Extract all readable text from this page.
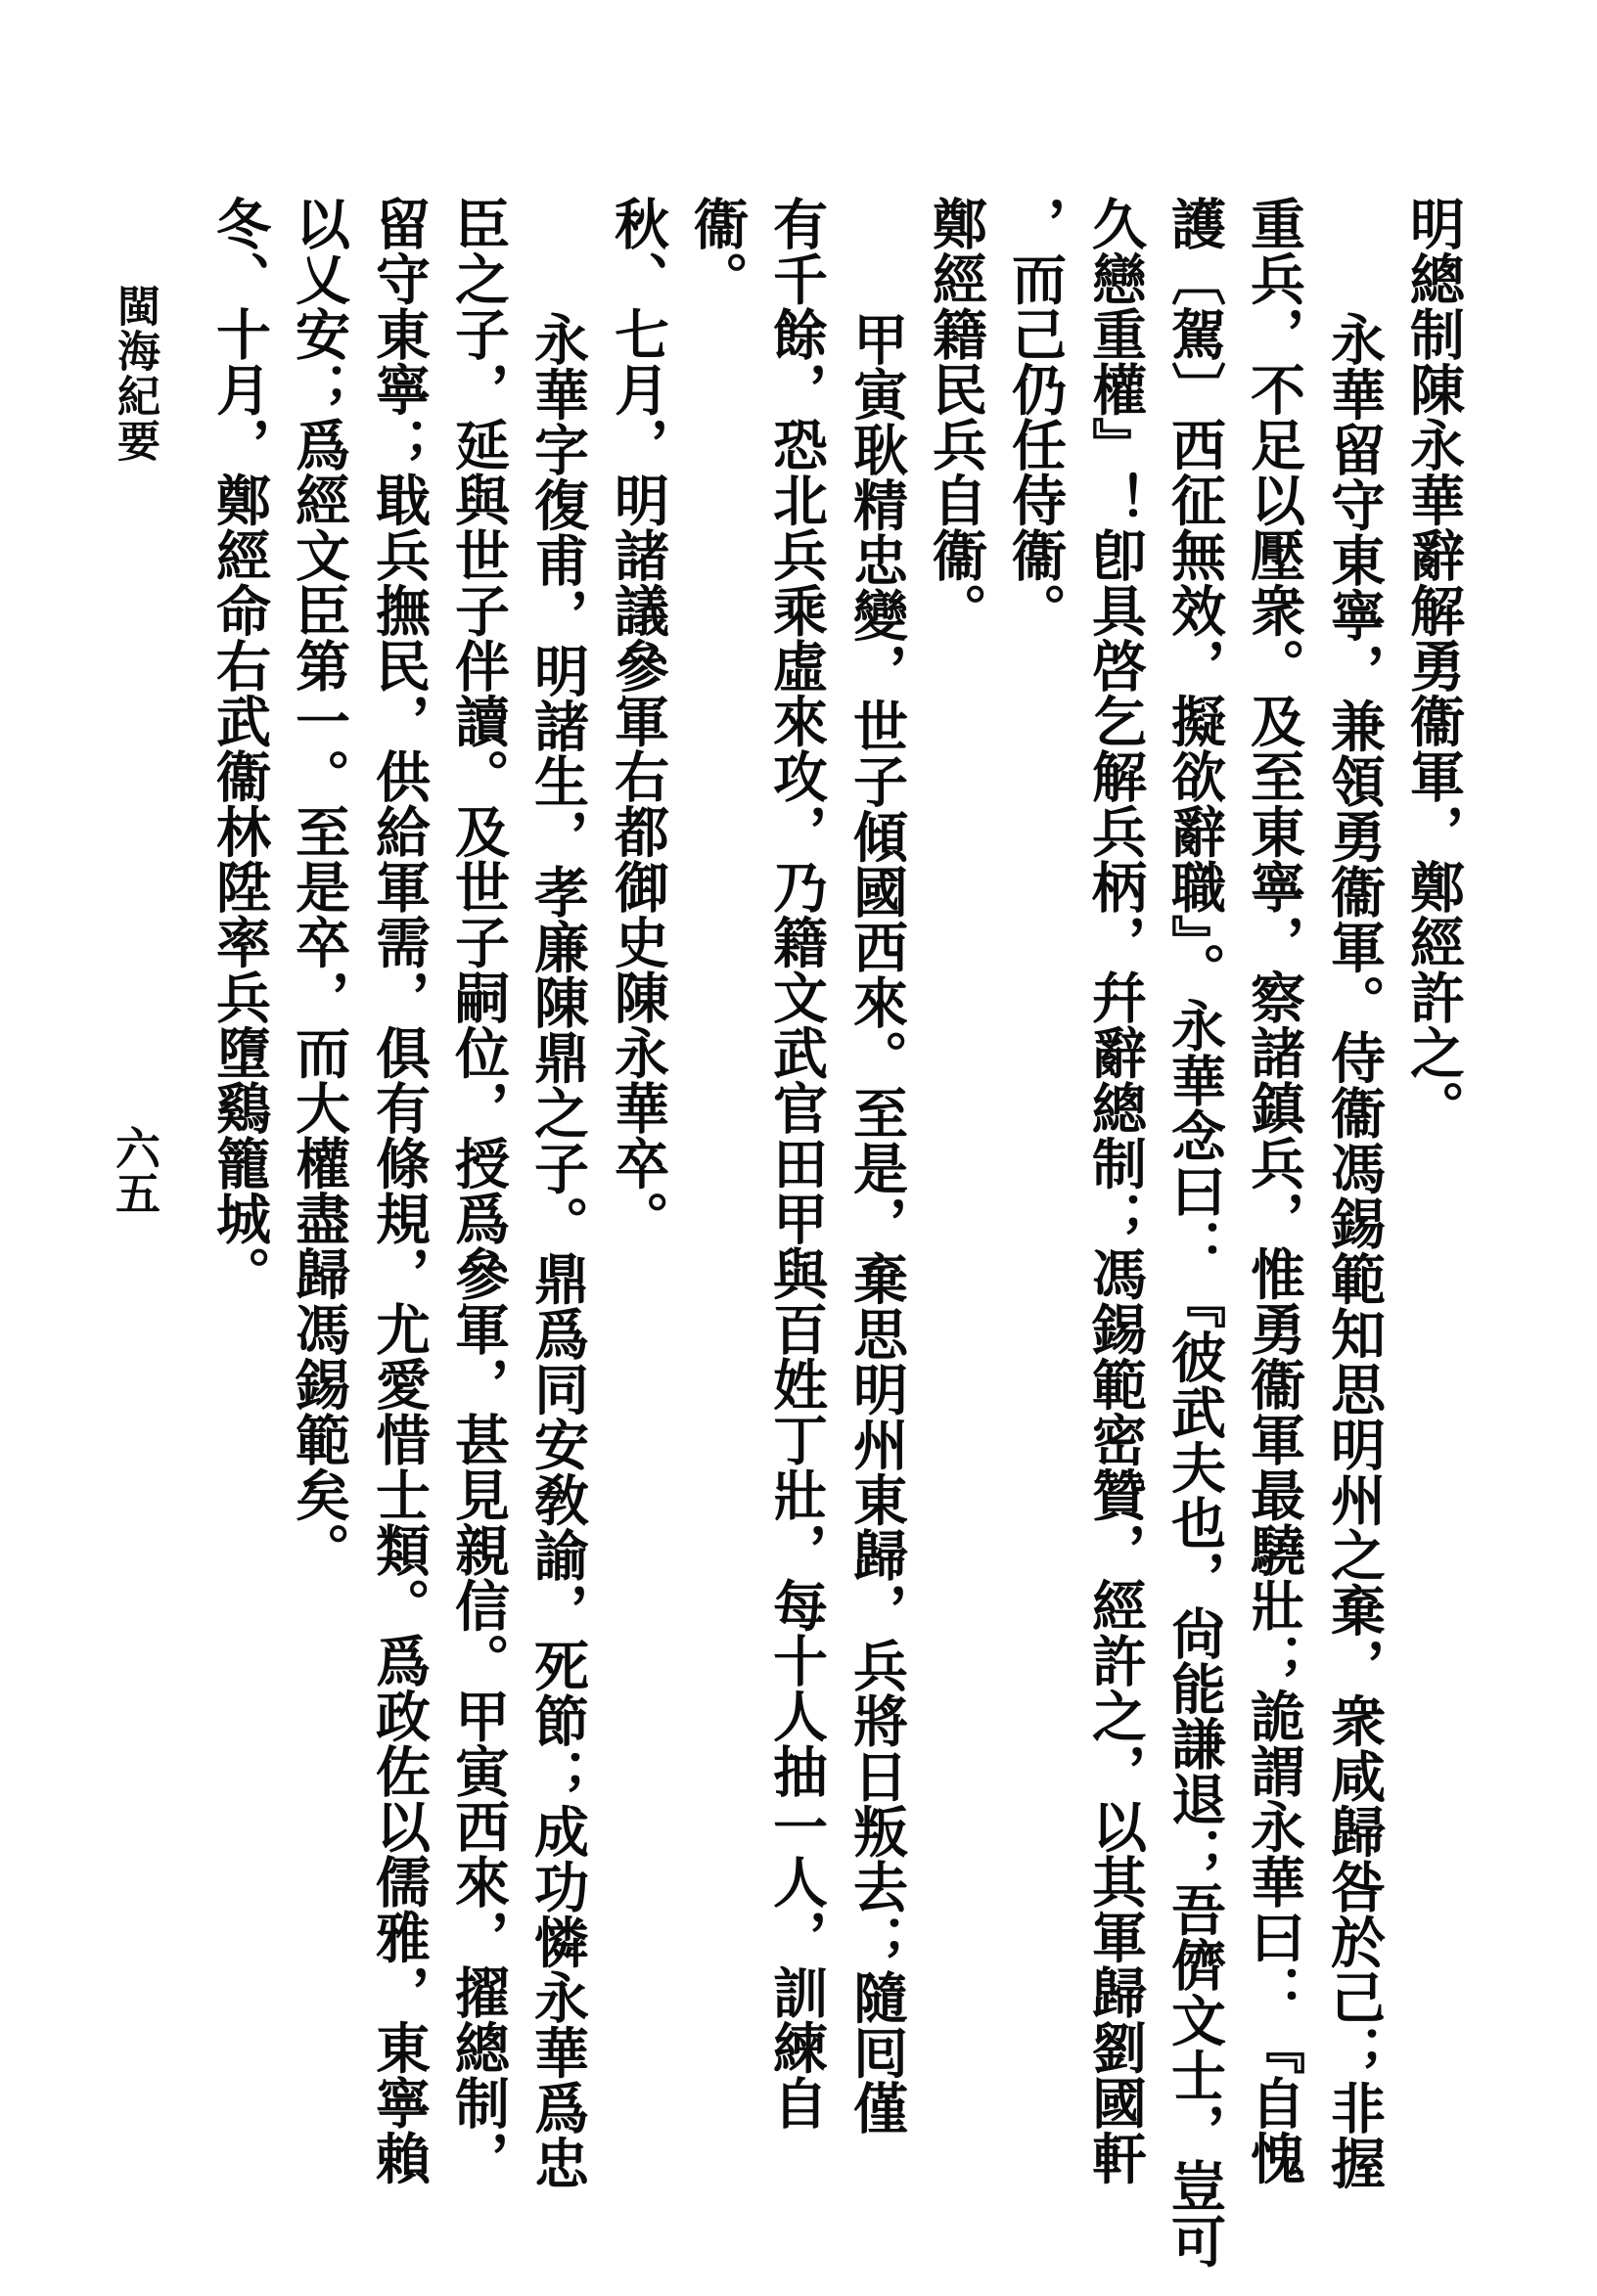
明總制陳永華辭解勇衞軍，鄭經許之。
永華留守東寧，兼領勇衞軍。侍衞馮錫範知思明州之棄，衆咸歸咎於己；非握
重兵，不足以壓衆。及至東寧，察諸鎮兵，惟勇衞軍最驍壯；詭謂永華曰：『自愧
護〔駕〕西征無效，擬欲辭職』。永華念曰：『彼武夫也，尙能謙退；吾儕文士，豈可
久戀重權』！卽具啓乞解兵柄，幷辭總制；馮錫範密贊，經許之，以其軍歸劉國軒
，而己仍任侍衞。
鄭經籍民兵自衞。
甲寅耿精忠變，世子傾國西來。至是，棄思明州東歸，兵將日叛去；隨囘僅
有千餘，恐北兵乘虛來攻，乃籍文武官田甲與百姓丁壯，每十人抽一人，訓練自
衞。
秋、七月，明諸議參軍右都御史陳永華卒。
永華字復甫，明諸生，孝廉陳鼎之子。鼎爲同安敎諭，死節；成功憐永華爲忠
臣之子，延與世子伴讀。及世子嗣位，授爲參軍，甚見親信。甲寅西來，擢總制，
留守東寧；戢兵撫民，供給軍需，俱有條規，尤愛惜士類。爲政佐以儒雅，東寧賴
以乂安；爲經文臣第一。至是卒，而大權盡歸馮錫範矣。
冬、十月，鄭經命右武衞林陞率兵墮鷄籠城。
閩海紀要
六五
